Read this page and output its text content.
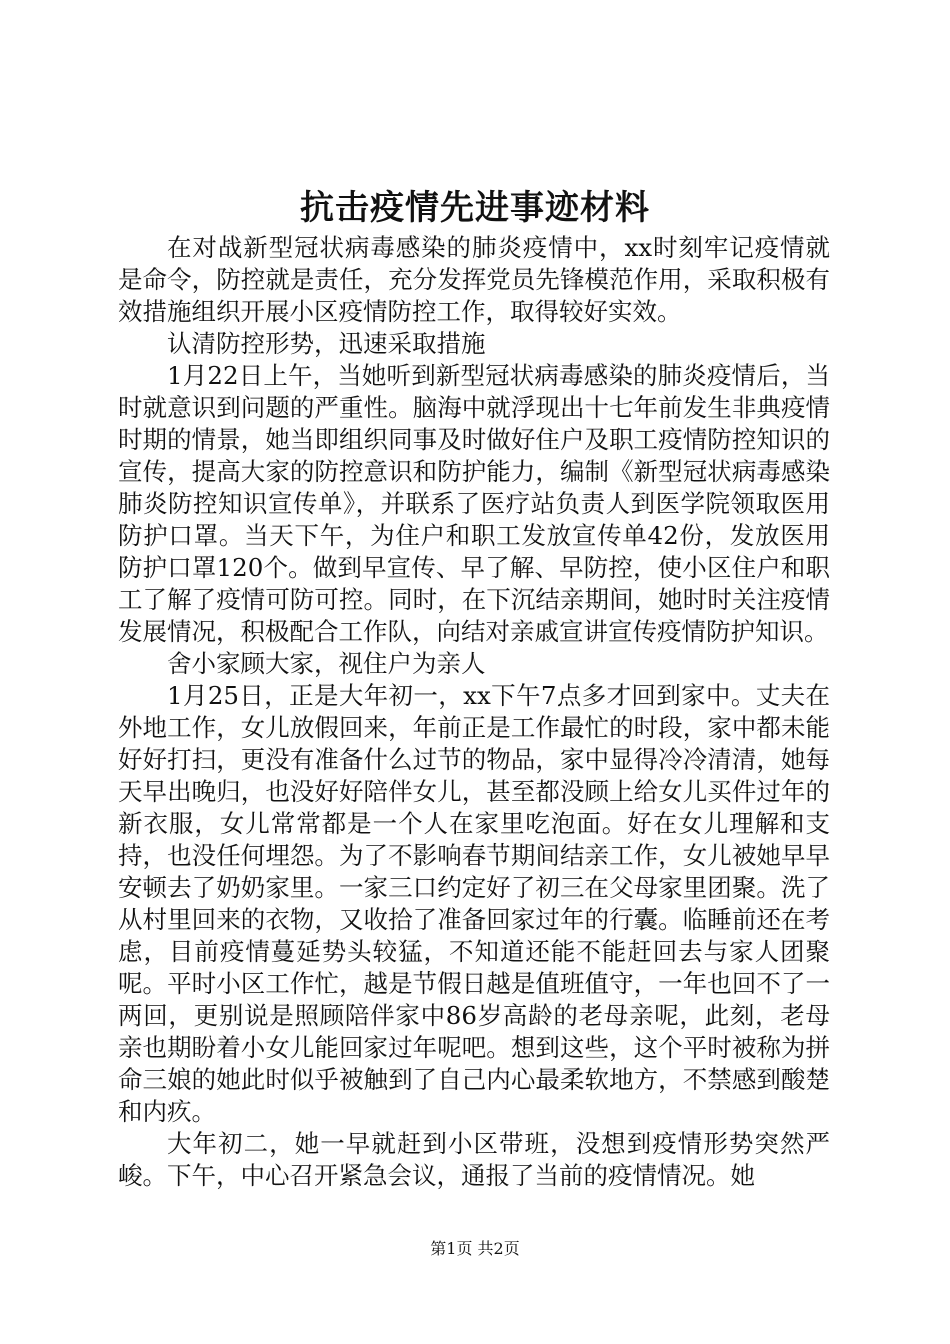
抗击疫情先进事迹材料

在对战新型冠状病毒感染的肺炎疫情中，xx时刻牢记疫情就是命令，防控就是责任，充分发挥党员先锋模范作用，采取积极有效措施组织开展小区疫情防控工作，取得较好实效。

认清防控形势，迅速采取措施

1月22日上午，当她听到新型冠状病毒感染的肺炎疫情后，当时就意识到问题的严重性。脑海中就浮现出十七年前发生非典疫情时期的情景，她当即组织同事及时做好住户及职工疫情防控知识的宣传，提高大家的防控意识和防护能力，编制《新型冠状病毒感染肺炎防控知识宣传单》，并联系了医疗站负责人到医学院领取医用防护口罩。当天下午，为住户和职工发放宣传单42份，发放医用防护口罩120个。做到早宣传、早了解、早防控，使小区住户和职工了解了疫情可防可控。同时，在下沉结亲期间，她时时关注疫情发展情况，积极配合工作队，向结对亲戚宣讲宣传疫情防护知识。

舍小家顾大家，视住户为亲人

1月25日，正是大年初一，xx下午7点多才回到家中。丈夫在外地工作，女儿放假回来，年前正是工作最忙的时段，家中都未能好好打扫，更没有准备什么过节的物品，家中显得冷冷清清，她每天早出晚归，也没好好陪伴女儿，甚至都没顾上给女儿买件过年的新衣服，女儿常常都是一个人在家里吃泡面。好在女儿理解和支持，也没任何埋怨。为了不影响春节期间结亲工作，女儿被她早早安顿去了奶奶家里。一家三口约定好了初三在父母家里团聚。洗了从村里回来的衣物，又收拾了准备回家过年的行囊。临睡前还在考虑，目前疫情蔓延势头较猛，不知道还能不能赶回去与家人团聚呢。平时小区工作忙，越是节假日越是值班值守，一年也回不了一两回，更别说是照顾陪伴家中86岁高龄的老母亲呢，此刻，老母亲也期盼着小女儿能回家过年呢吧。想到这些，这个平时被称为拼命三娘的她此时似乎被触到了自己内心最柔软地方，不禁感到酸楚和内疚。

大年初二，她一早就赶到小区带班，没想到疫情形势突然严峻。下午，中心召开紧急会议，通报了当前的疫情情况。她

第1页 共2页
